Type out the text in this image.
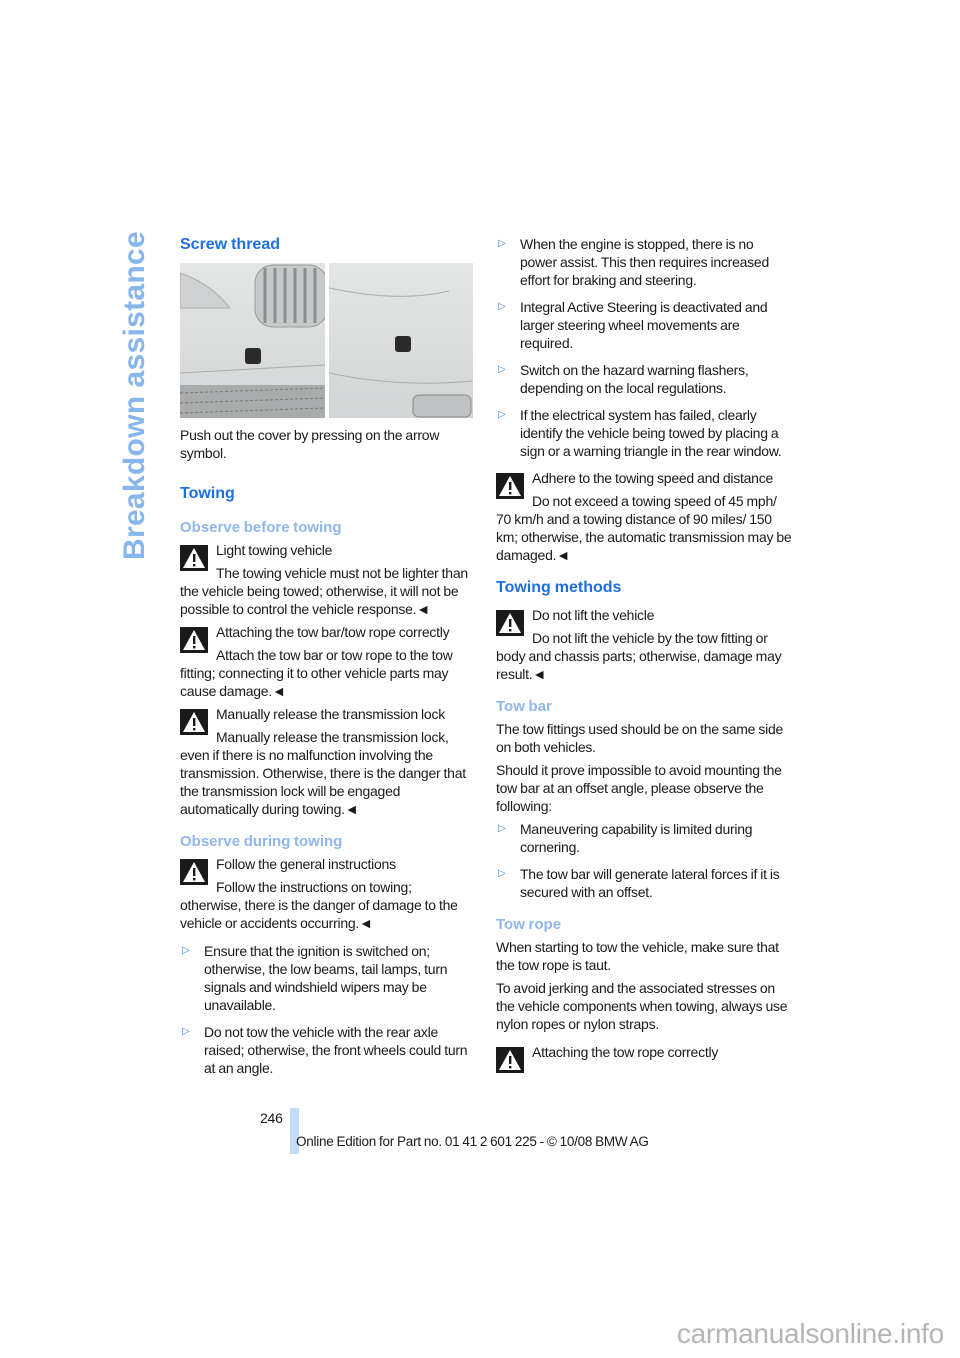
Breakdown assistance Screw thread

Push out the cover by pressing on the arrow symbol.

Towing
Observe before towing
Light towing vehicle
The towing vehicle must not be lighter than the vehicle being towed; otherwise, it will not be possible to control the vehicle response.◄
Attaching the tow bar/tow rope correctly
Attach the tow bar or tow rope to the tow fitting; connecting it to other vehicle parts may cause damage.◄
Manually release the transmission lock
Manually release the transmission lock, even if there is no malfunction involving the transmission. Otherwise, there is the danger that the transmission lock will be engaged automatically during towing.◄
Observe during towing
Follow the general instructions
Follow the instructions on towing; otherwise, there is the danger of damage to the vehicle or accidents occurring.◄
▷ Ensure that the ignition is switched on; otherwise, the low beams, tail lamps, turn signals and windshield wipers may be unavailable.
▷ Do not tow the vehicle with the rear axle raised; otherwise, the front wheels could turn at an angle.
▷ When the engine is stopped, there is no power assist. This then requires increased effort for braking and steering.
▷ Integral Active Steering is deactivated and larger steering wheel movements are required.
▷ Switch on the hazard warning flashers, depending on the local regulations.
▷ If the electrical system has failed, clearly identify the vehicle being towed by placing a sign or a warning triangle in the rear window.
Adhere to the towing speed and distance
Do not exceed a towing speed of 45 mph/ 70 km/h and a towing distance of 90 miles/ 150 km; otherwise, the automatic transmission may be damaged.◄
Towing methods
Do not lift the vehicle
Do not lift the vehicle by the tow fitting or body and chassis parts; otherwise, damage may result.◄
Tow bar

The tow fittings used should be on the same side on both vehicles.

Should it prove impossible to avoid mounting the tow bar at an offset angle, please observe the following:

▷ Maneuvering capability is limited during cornering.
▷ The tow bar will generate lateral forces if it is secured with an offset.
Tow rope

When starting to tow the vehicle, make sure that the tow rope is taut.

To avoid jerking and the associated stresses on the vehicle components when towing, always use nylon ropes or nylon straps.

Attaching the tow rope correctly
246
Online Edition for Part no. 01 41 2 601 225 - © 10/08 BMW AG
carmanualsonline.info
